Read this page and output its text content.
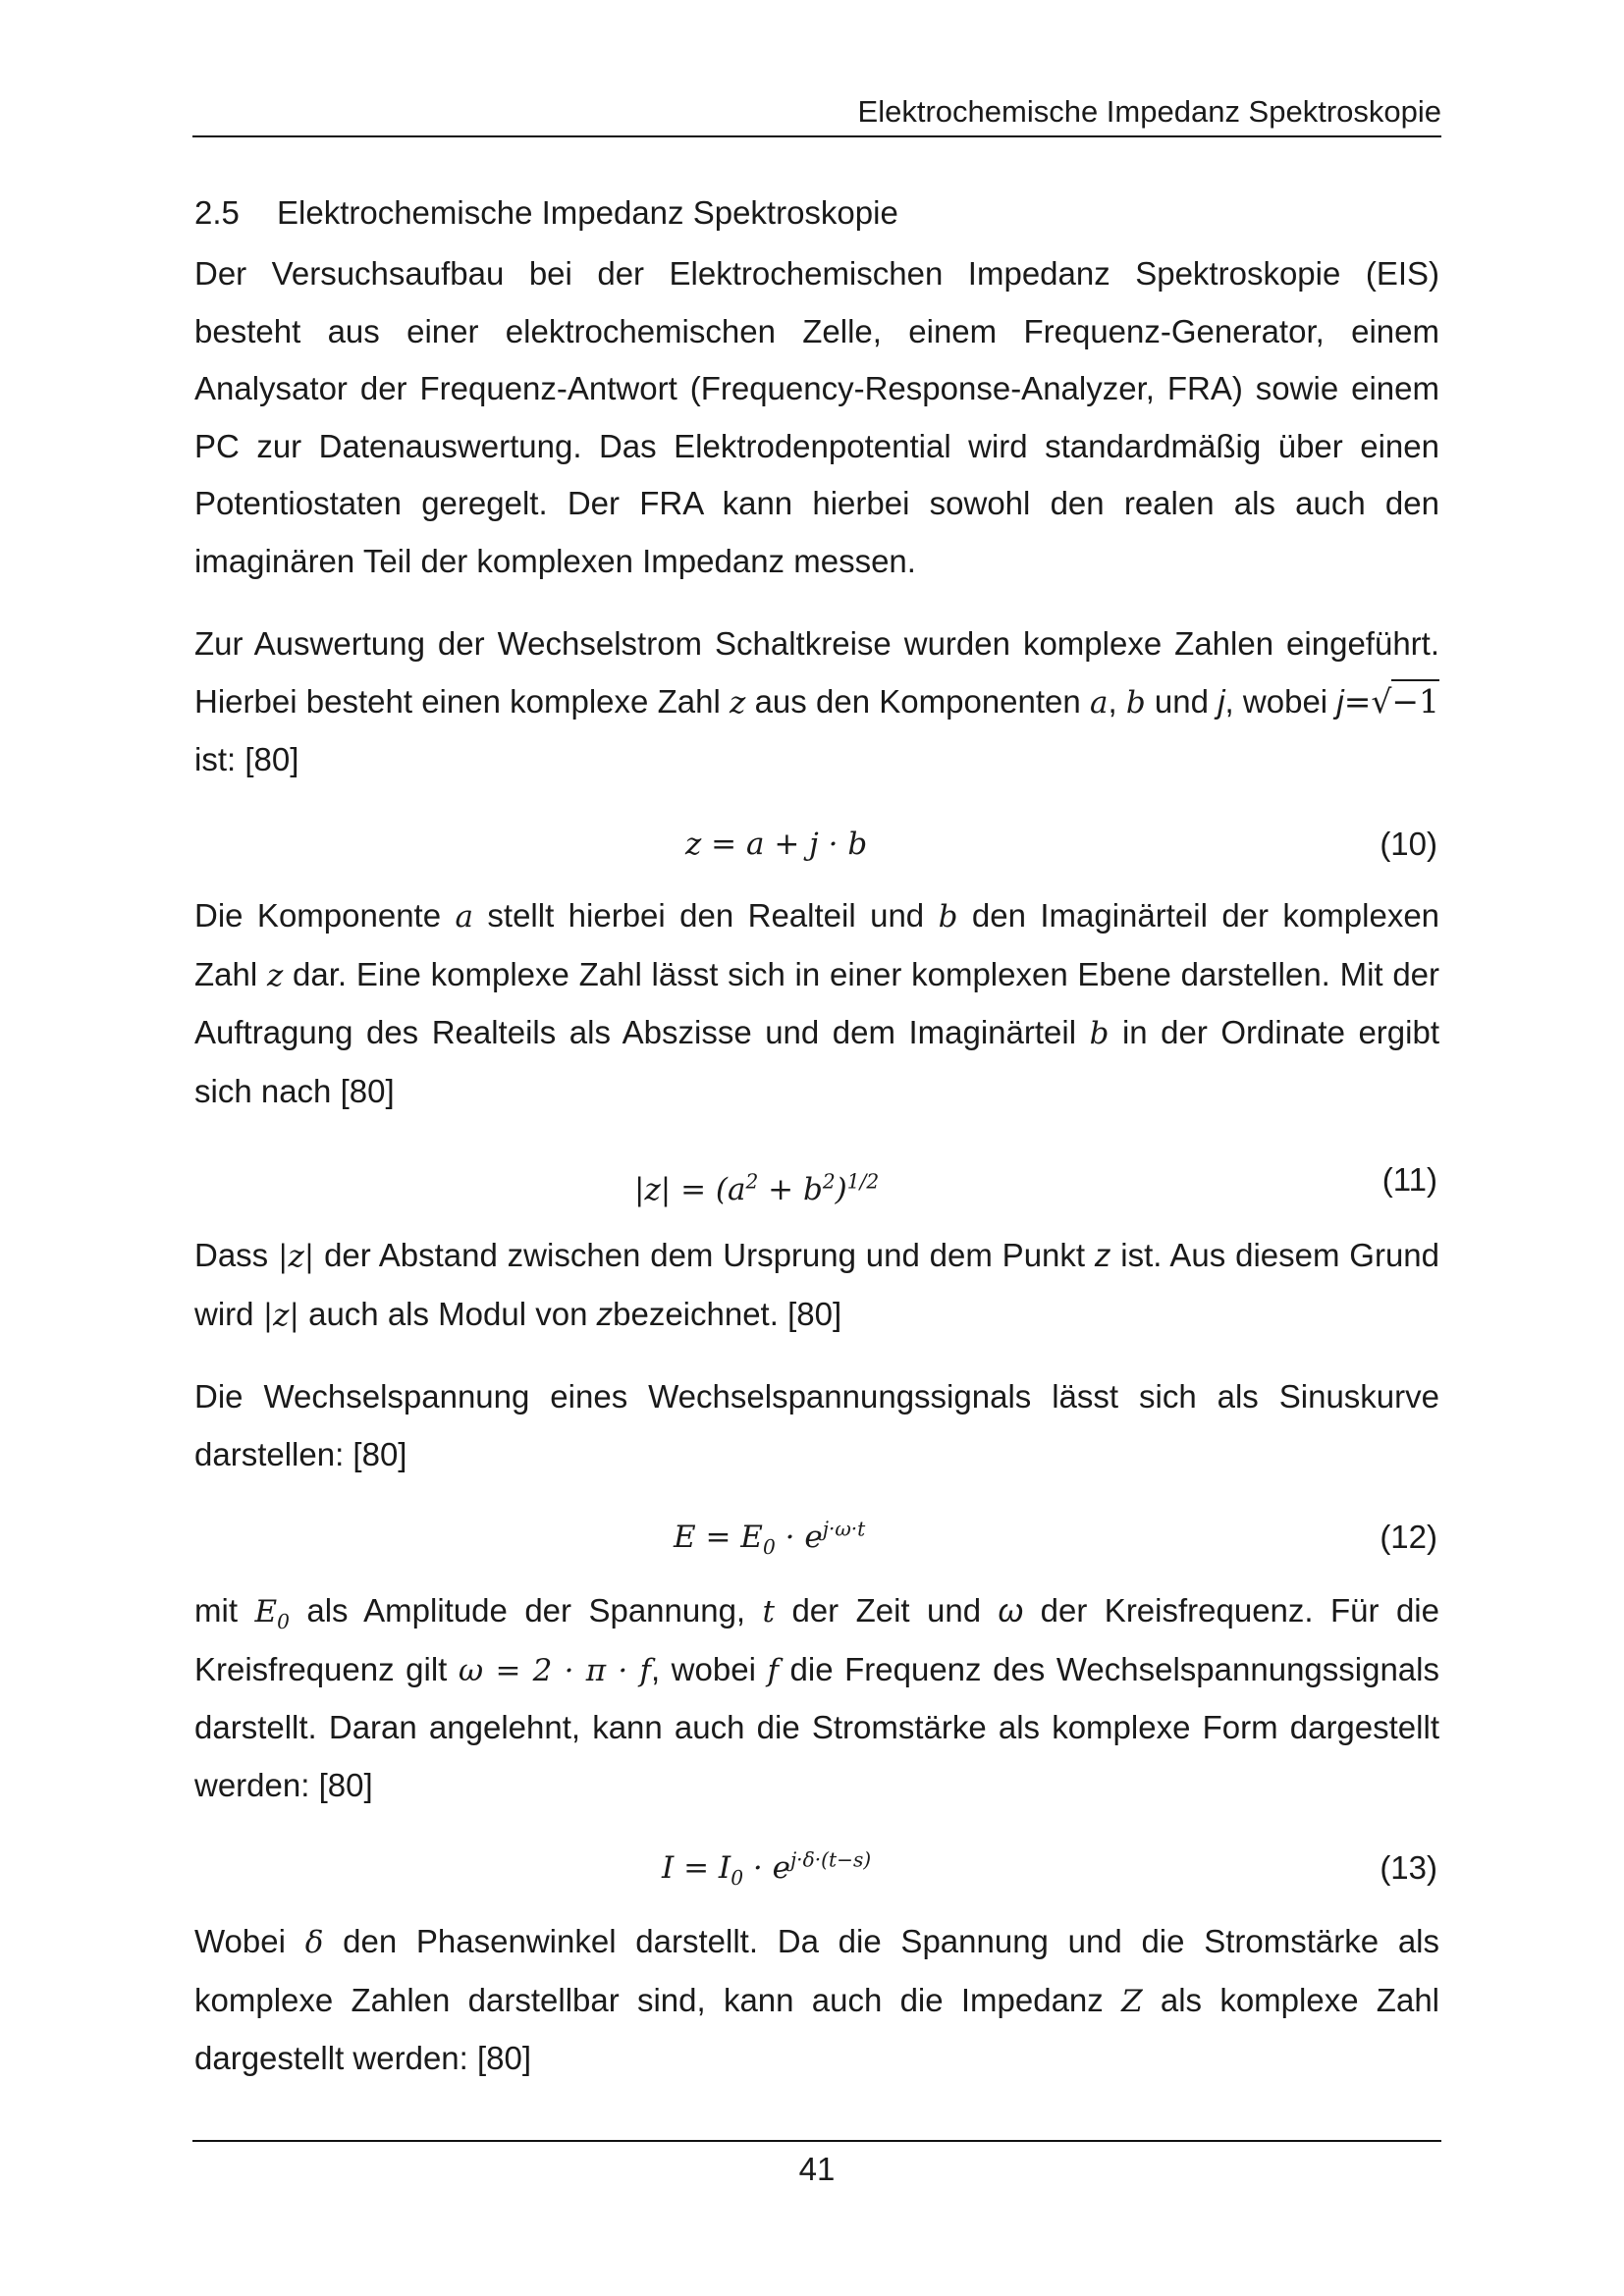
Elektrochemische Impedanz Spektroskopie

2.5 Elektrochemische Impedanz Spektroskopie

Der Versuchsaufbau bei der Elektrochemischen Impedanz Spektroskopie (EIS) besteht aus einer elektrochemischen Zelle, einem Frequenz-Generator, einem Analysator der Frequenz-Antwort (Frequency-Response-Analyzer, FRA) sowie einem PC zur Datenauswertung. Das Elektrodenpotential wird standardmäßig über einen Potentiostaten geregelt. Der FRA kann hierbei sowohl den realen als auch den imaginären Teil der komplexen Impedanz messen.

Zur Auswertung der Wechselstrom Schaltkreise wurden komplexe Zahlen eingeführt. Hierbei besteht einen komplexe Zahl z aus den Komponenten a, b und j, wobei j=√−1 ist: [80]

z = a + j · b	(10)

Die Komponente a stellt hierbei den Realteil und b den Imaginärteil der komplexen Zahl z dar. Eine komplexe Zahl lässt sich in einer komplexen Ebene darstellen. Mit der Auftragung des Realteils als Abszisse und dem Imaginärteil b in der Ordinate ergibt sich nach [80]

$|z| = (a^2 + b^2)^{1/2}$	(11)

Dass |z| der Abstand zwischen dem Ursprung und dem Punkt z ist. Aus diesem Grund wird |z| auch als Modul von zbezeichnet. [80]

Die Wechselspannung eines Wechselspannungssignals lässt sich als Sinuskurve darstellen: [80]

$E = E_0 \cdot e^{j\cdot\omega\cdot t}$	(12)

mit $E_0$ als Amplitude der Spannung, t der Zeit und ω der Kreisfrequenz. Für die Kreisfrequenz gilt ω = 2 · π · f, wobei f die Frequenz des Wechselspannungssignals darstellt. Daran angelehnt, kann auch die Stromstärke als komplexe Form dargestellt werden: [80]

$I = I_0 \cdot e^{j\cdot\delta\cdot(t-s)}$	(13)

Wobei δ den Phasenwinkel darstellt. Da die Spannung und die Stromstärke als komplexe Zahlen darstellbar sind, kann auch die Impedanz Z als komplexe Zahl dargestellt werden: [80]

41
